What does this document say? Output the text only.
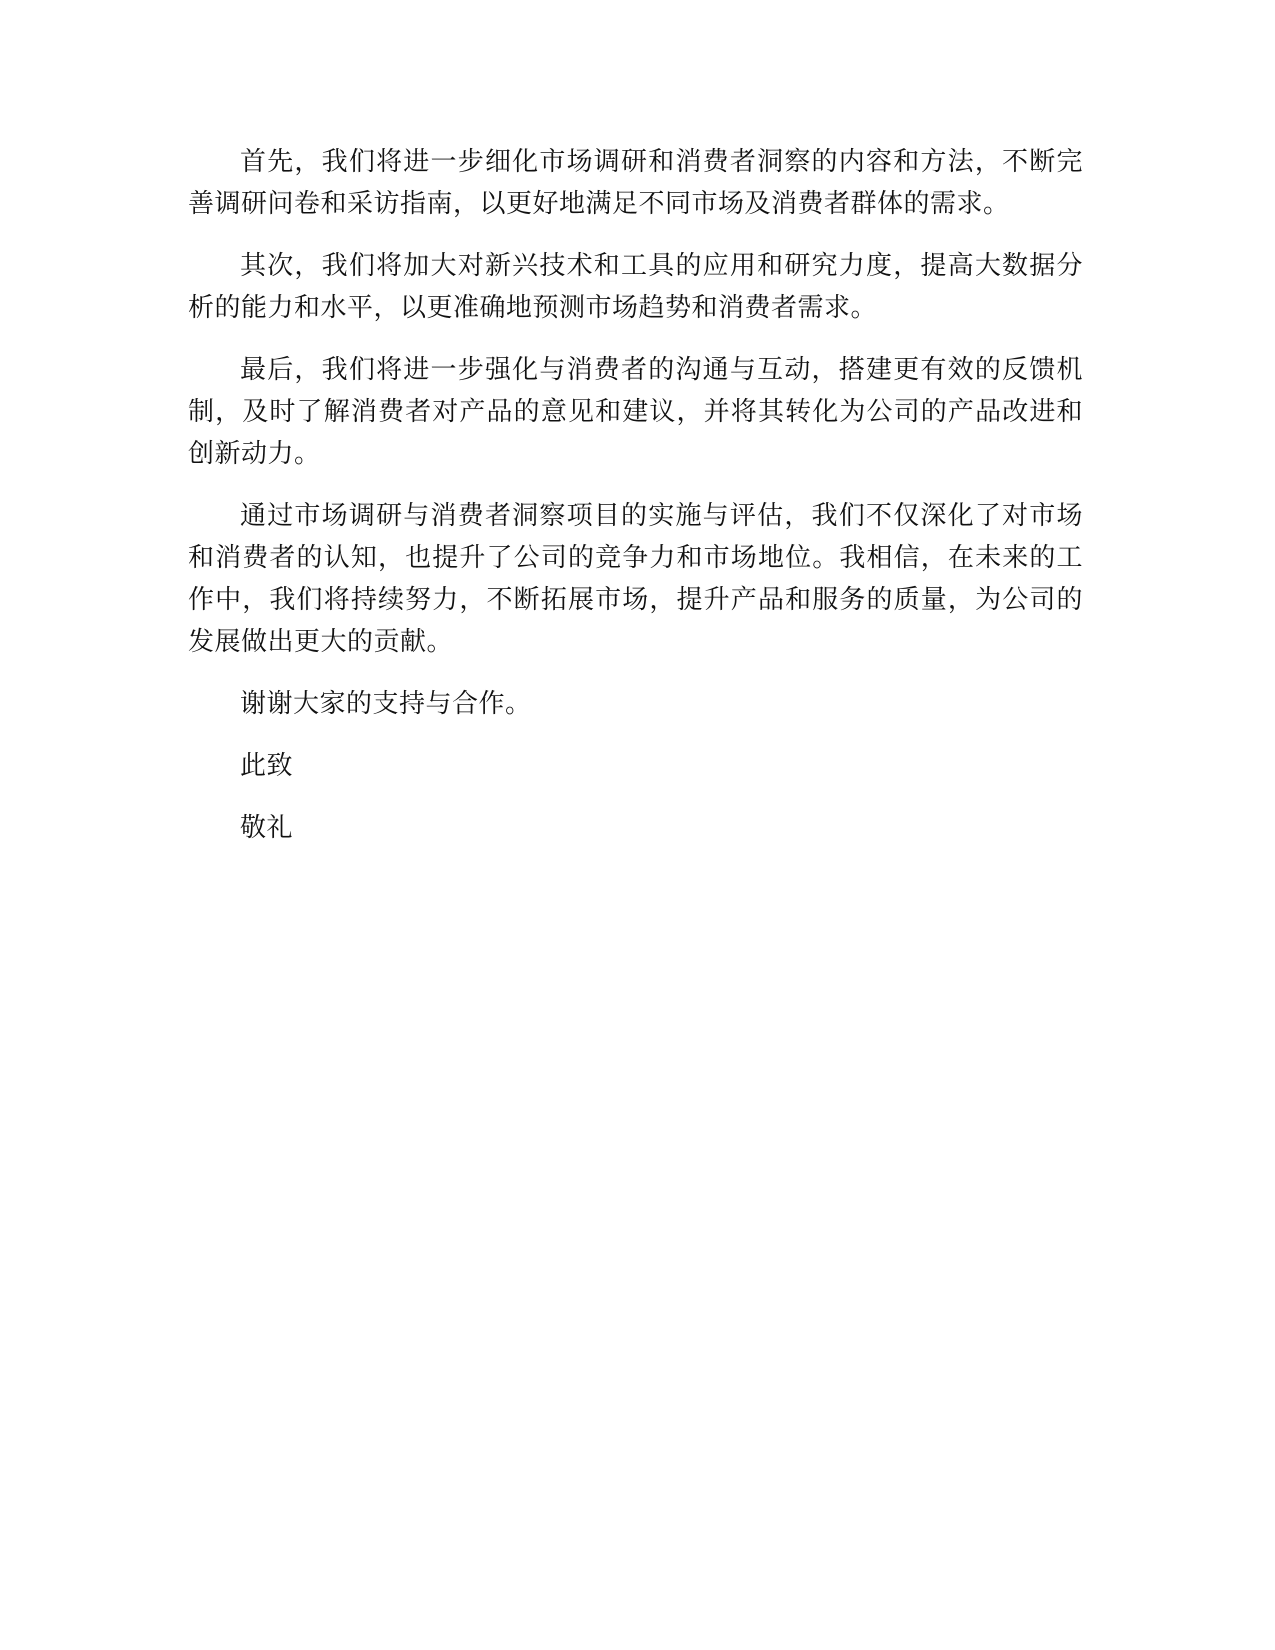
首先，我们将进一步细化市场调研和消费者洞察的内容和方法，不断完善调研问卷和采访指南，以更好地满足不同市场及消费者群体的需求。

其次，我们将加大对新兴技术和工具的应用和研究力度，提高大数据分析的能力和水平，以更准确地预测市场趋势和消费者需求。

最后，我们将进一步强化与消费者的沟通与互动，搭建更有效的反馈机制，及时了解消费者对产品的意见和建议，并将其转化为公司的产品改进和创新动力。

通过市场调研与消费者洞察项目的实施与评估，我们不仅深化了对市场和消费者的认知，也提升了公司的竞争力和市场地位。我相信，在未来的工作中，我们将持续努力，不断拓展市场，提升产品和服务的质量，为公司的发展做出更大的贡献。

谢谢大家的支持与合作。

此致

敬礼
